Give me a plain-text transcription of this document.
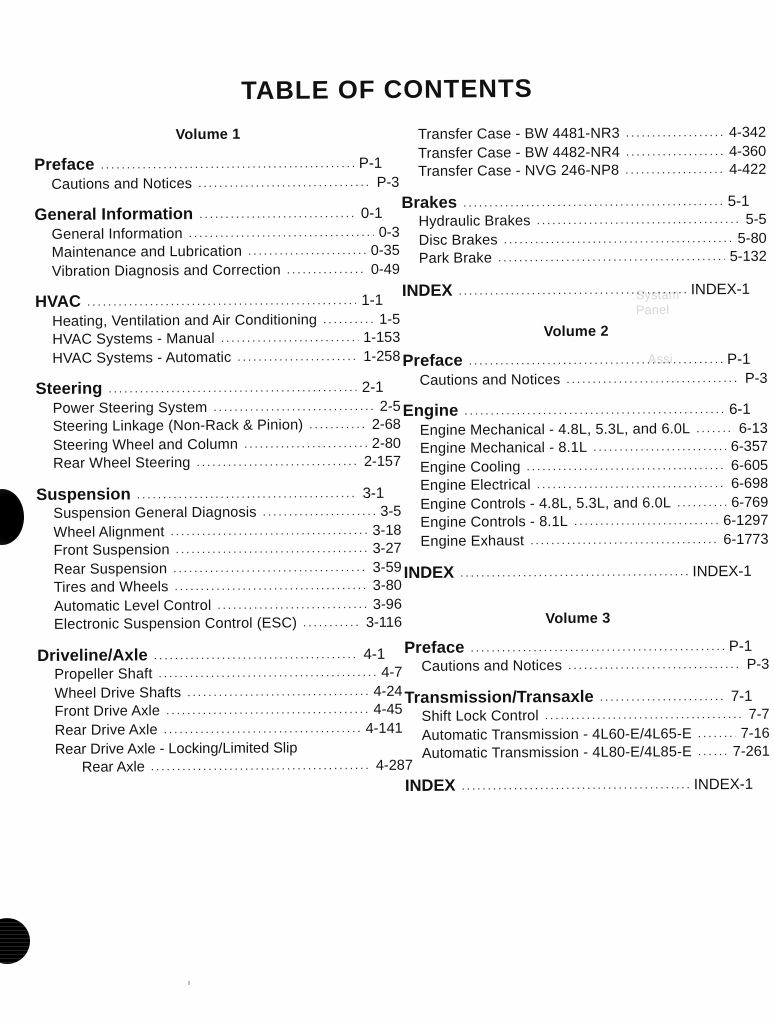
Systam
Panel
Assi
TABLE OF CONTENTS
Volume 1
Preface .....	P-1
Cautions and Notices .....	P-3
General Information .....	0-1
General Information .....	0-3
Maintenance and Lubrication .....	0-35
Vibration Diagnosis and Correction .....	0-49
HVAC .....	1-1
Heating, Ventilation and Air Conditioning .....	1-5
HVAC Systems - Manual .....	1-153
HVAC Systems - Automatic .....	1-258
Steering .....	2-1
Power Steering System .....	2-5
Steering Linkage (Non-Rack & Pinion) .....	2-68
Steering Wheel and Column .....	2-80
Rear Wheel Steering .....	2-157
Suspension .....	3-1
Suspension General Diagnosis .....	3-5
Wheel Alignment .....	3-18
Front Suspension .....	3-27
Rear Suspension .....	3-59
Tires and Wheels .....	3-80
Automatic Level Control .....	3-96
Electronic Suspension Control (ESC) .....	3-116
Driveline/Axle .....	4-1
Propeller Shaft .....	4-7
Wheel Drive Shafts .....	4-24
Front Drive Axle .....	4-45
Rear Drive Axle .....	4-141
Rear Drive Axle - Locking/Limited Slip
Rear Axle .....	4-287
Transfer Case - BW 4481-NR3 .....	4-342
Transfer Case - BW 4482-NR4 .....	4-360
Transfer Case - NVG 246-NP8 .....	4-422
Brakes .....	5-1
Hydraulic Brakes .....	5-5
Disc Brakes .....	5-80
Park Brake .....	5-132
INDEX .....	INDEX-1
Volume 2
Preface .....	P-1
Cautions and Notices .....	P-3
Engine .....	6-1
Engine Mechanical - 4.8L, 5.3L, and 6.0L .....	6-13
Engine Mechanical - 8.1L .....	6-357
Engine Cooling .....	6-605
Engine Electrical .....	6-698
Engine Controls - 4.8L, 5.3L, and 6.0L .....	6-769
Engine Controls - 8.1L .....	6-1297
Engine Exhaust .....	6-1773
INDEX .....	INDEX-1
Volume 3
Preface .....	P-1
Cautions and Notices .....	P-3
Transmission/Transaxle .....	7-1
Shift Lock Control .....	7-7
Automatic Transmission - 4L60-E/4L65-E .....	7-16
Automatic Transmission - 4L80-E/4L85-E .....	7-261
INDEX .....	INDEX-1
